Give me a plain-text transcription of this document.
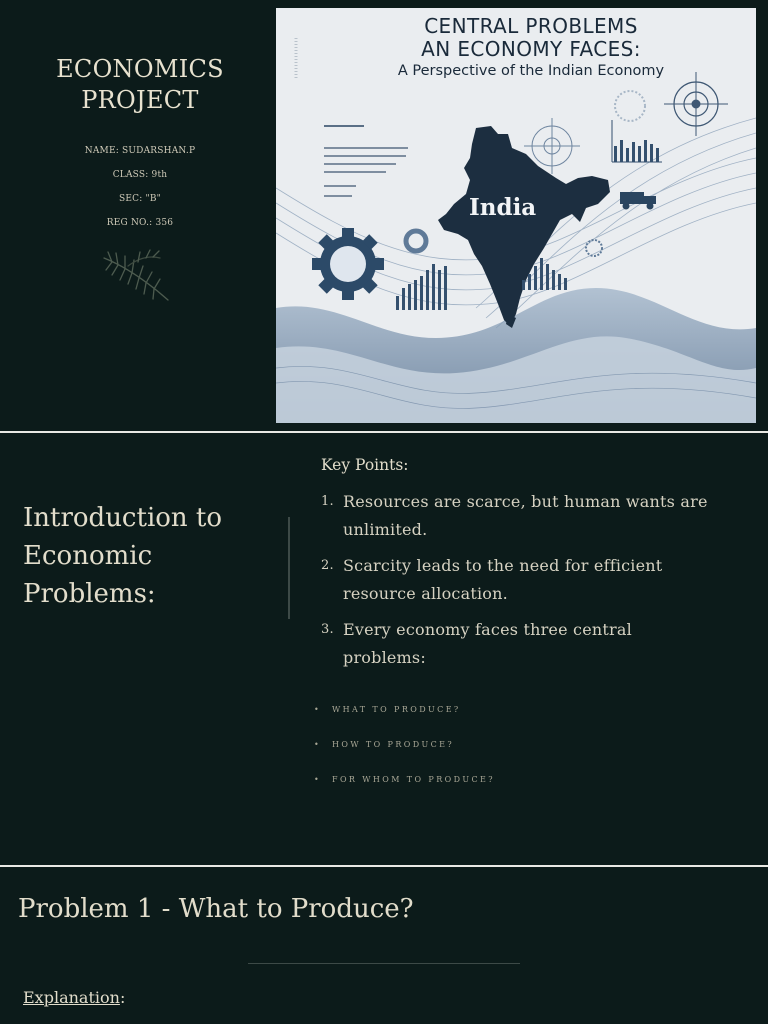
ECONOMICS
PROJECT
NAME: SUDARSHAN.P
CLASS: 9th
SEC: "B"
REG NO.: 356
CENTRAL PROBLEMS
AN ECONOMY FACES:
A Perspective of the Indian Economy
India
Introduction to
Economic
Problems:
Key Points:
1. Resources are scarce, but human wants are
unlimited.
2. Scarcity leads to the need for efficient
resource allocation.
3. Every economy faces three central
problems:
• WHAT TO PRODUCE?
• HOW TO PRODUCE?
• FOR WHOM TO PRODUCE?
Problem 1 - What to Produce?
Explanation:
